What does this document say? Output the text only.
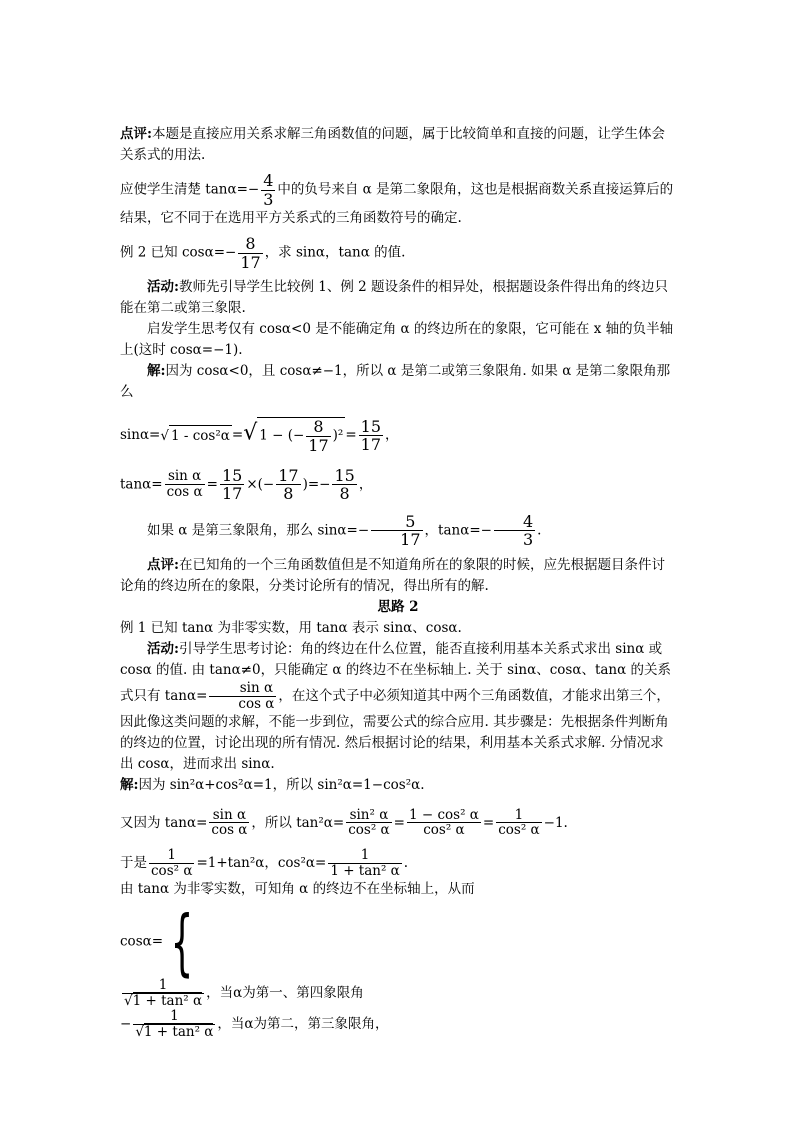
点评:本题是直接应用关系求解三角函数值的问题，属于比较简单和直接的问题，让学生体会关系式的用法.

应使学生清楚 $\tan\alpha=- \frac{4}{3}$ 中的负号来自 α 是第二象限角，这也是根据商数关系直接运算后的结果，它不同于在选用平方关系式的三角函数符号的确定.

例 2 已知 $\cos\alpha=- \frac{8}{17}$ ，求 sinα，tanα 的值.

活动:教师先引导学生比较例 1、例 2 题设条件的相异处，根据题设条件得出角的终边只能在第二或第三象限.

启发学生思考仅有 cosα<0 是不能确定角 α 的终边所在的象限，它可能在 x 轴的负半轴上(这时 cosα=−1).

解:因为 cosα<0，且 cosα≠−1，所以 α 是第二或第三象限角. 如果 α 是第二象限角那么

sinα=√ 1 - cos²α =√ 1 − (− $\frac{8}{17} )^2 = \frac{15}{17}$ ，

$\tan\alpha= \frac{\text{sin α}}{\text{cos α}} = \frac{15}{17}$ ×(− $\frac{17}{8}$ )=− $\frac{15}{8}$ ，

如果 α 是第三象限角，那么 $\sin\alpha=- \frac{5}{17}$ ，$\tan\alpha=- \frac{4}{3}$ .

点评:在已知角的一个三角函数值但是不知道角所在的象限的时候，应先根据题目条件讨论角的终边所在的象限，分类讨论所有的情况，得出所有的解.

思路 2

例 1 已知 tanα 为非零实数，用 tanα 表示 sinα、cosα.

活动:引导学生思考讨论：角的终边在什么位置，能否直接利用基本关系式求出 sinα 或 cosα 的值. 由 tanα≠0，只能确定 α 的终边不在坐标轴上. 关于 sinα、cosα、tanα 的关系式只有 $\tan\alpha= \frac{\text{sin α}}{\text{cos α}}$ ，在这个式子中必须知道其中两个三角函数值，才能求出第三个，因此像这类问题的求解，不能一步到位，需要公式的综合应用. 其步骤是：先根据条件判断角的终边的位置，讨论出现的所有情况. 然后根据讨论的结果，利用基本关系式求解. 分情况求出 cosα，进而求出 sinα.

解:因为 sin²α+cos²α=1，所以 sin²α=1−cos²α.

又因为 $\tan\alpha= \frac{\text{sin α}}{\text{cos α}}$ ，所以 $\tan^2\alpha= \frac{\text{sin² α}}{\text{cos² α}} = \frac{\text{1 − cos² α}}{\text{cos² α}} = \frac{1}{\text{cos² α}} -1$.

于是 $\frac{1}{\text{cos² α}} =1+\tan^2\alpha$，$\cos^2\alpha= \frac{1}{\text{1 + tan² α}}$ .

由 tanα 为非零实数，可知角 α 的终边不在坐标轴上，从而

cosα= {

$\frac{1}{\text{√1 + tan² α}}$ ，当α为第一、第四象限角
− $\frac{1}{\text{√1 + tan² α}}$ ，当α为第二，第三象限角，
